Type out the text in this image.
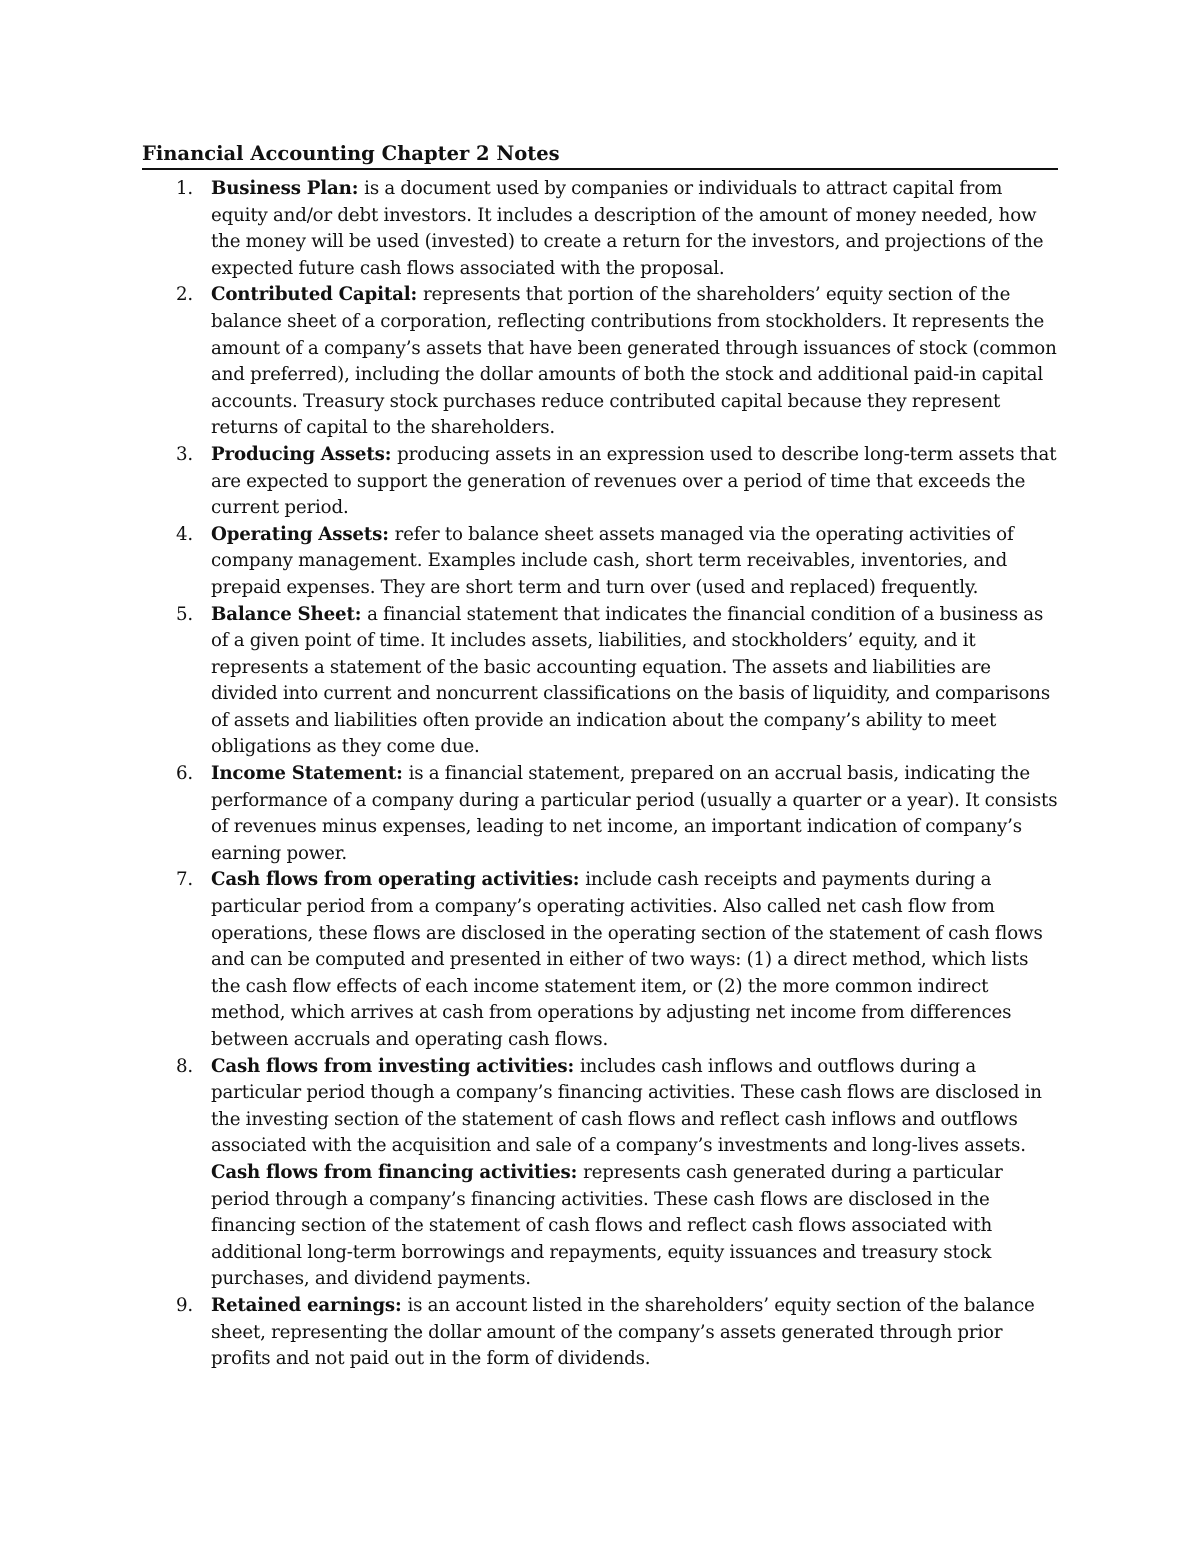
Financial Accounting Chapter 2 Notes
1. Business Plan: is a document used by companies or individuals to attract capital from equity and/or debt investors. It includes a description of the amount of money needed, how the money will be used (invested) to create a return for the investors, and projections of the expected future cash flows associated with the proposal.
2. Contributed Capital: represents that portion of the shareholders’ equity section of the balance sheet of a corporation, reflecting contributions from stockholders. It represents the amount of a company’s assets that have been generated through issuances of stock (common and preferred), including the dollar amounts of both the stock and additional paid-in capital accounts. Treasury stock purchases reduce contributed capital because they represent returns of capital to the shareholders.
3. Producing Assets: producing assets in an expression used to describe long-term assets that are expected to support the generation of revenues over a period of time that exceeds the current period.
4. Operating Assets: refer to balance sheet assets managed via the operating activities of company management. Examples include cash, short term receivables, inventories, and prepaid expenses. They are short term and turn over (used and replaced) frequently.
5. Balance Sheet: a financial statement that indicates the financial condition of a business as of a given point of time. It includes assets, liabilities, and stockholders’ equity, and it represents a statement of the basic accounting equation. The assets and liabilities are divided into current and noncurrent classifications on the basis of liquidity, and comparisons of assets and liabilities often provide an indication about the company’s ability to meet obligations as they come due.
6. Income Statement: is a financial statement, prepared on an accrual basis, indicating the performance of a company during a particular period (usually a quarter or a year). It consists of revenues minus expenses, leading to net income, an important indication of company’s earning power.
7. Cash flows from operating activities: include cash receipts and payments during a particular period from a company’s operating activities. Also called net cash flow from operations, these flows are disclosed in the operating section of the statement of cash flows and can be computed and presented in either of two ways: (1) a direct method, which lists the cash flow effects of each income statement item, or (2) the more common indirect method, which arrives at cash from operations by adjusting net income from differences between accruals and operating cash flows.
8. Cash flows from investing activities: includes cash inflows and outflows during a particular period though a company’s financing activities. These cash flows are disclosed in the investing section of the statement of cash flows and reflect cash inflows and outflows associated with the acquisition and sale of a company’s investments and long-lives assets. Cash flows from financing activities: represents cash generated during a particular period through a company’s financing activities. These cash flows are disclosed in the financing section of the statement of cash flows and reflect cash flows associated with additional long-term borrowings and repayments, equity issuances and treasury stock purchases, and dividend payments.
9. Retained earnings: is an account listed in the shareholders’ equity section of the balance sheet, representing the dollar amount of the company’s assets generated through prior profits and not paid out in the form of dividends.
